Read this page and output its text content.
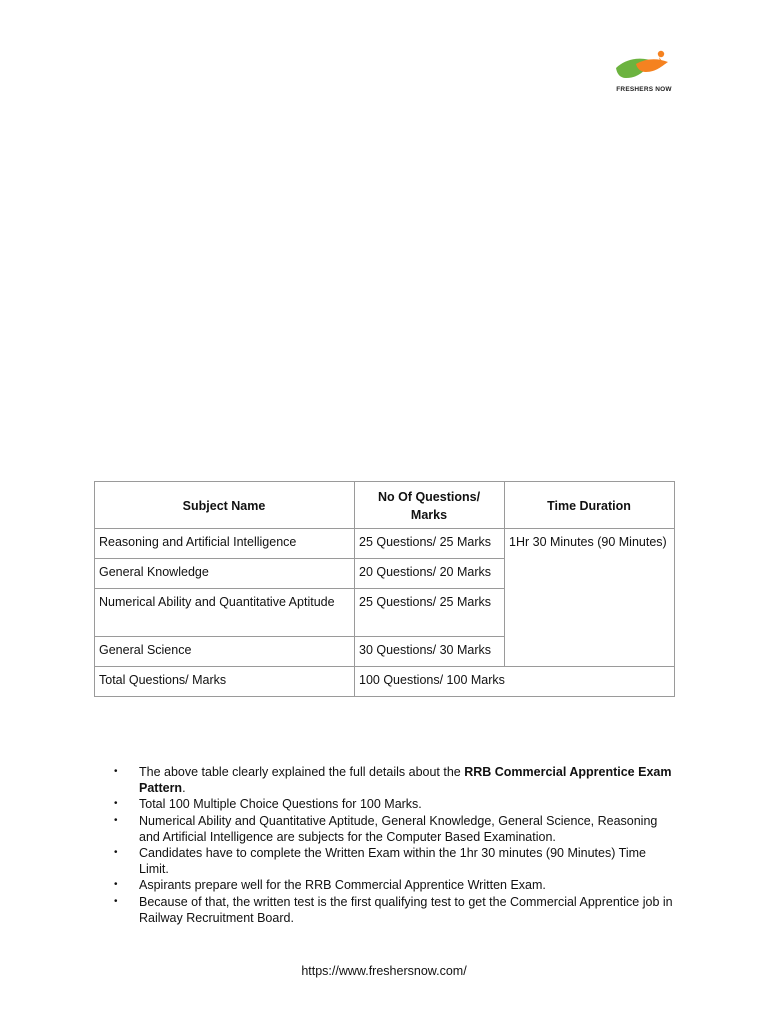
FRESHERS NOW
Subject Name	No Of Questions/ Marks	Time Duration
Reasoning and Artificial Intelligence	25 Questions/ 25 Marks	1Hr 30 Minutes (90 Minutes)
General Knowledge	20 Questions/ 20 Marks	
Numerical Ability and Quantitative Aptitude	25 Questions/ 25 Marks	
General Science	30 Questions/ 30 Marks	
Total Questions/ Marks	100 Questions/ 100 Marks	
• The above table clearly explained the full details about the RRB Commercial Apprentice Exam Pattern.
• Total 100 Multiple Choice Questions for 100 Marks.
• Numerical Ability and Quantitative Aptitude, General Knowledge, General Science, Reasoning and Artificial Intelligence are subjects for the Computer Based Examination.
• Candidates have to complete the Written Exam within the 1hr 30 minutes (90 Minutes) Time Limit.
• Aspirants prepare well for the RRB Commercial Apprentice Written Exam.
• Because of that, the written test is the first qualifying test to get the Commercial Apprentice job in Railway Recruitment Board.
https://www.freshersnow.com/
